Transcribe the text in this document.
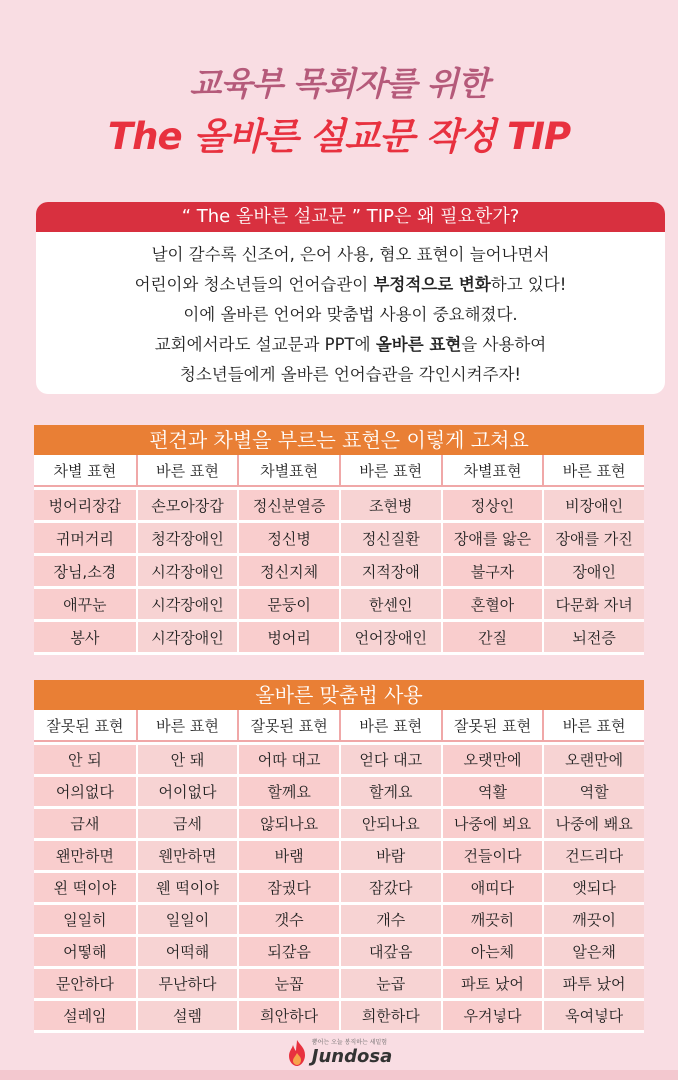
교육부 목회자를 위한
The 올바른 설교문 작성 TIP
“ The 올바른 설교문 ” TIP은 왜 필요한가?
날이 갈수록 신조어, 은어 사용, 혐오 표현이 늘어나면서
어린이와 청소년들의 언어습관이 부정적으로 변화하고 있다!
이에 올바른 언어와 맞춤법 사용이 중요해졌다.
교회에서라도 설교문과 PPT에 올바른 표현을 사용하여
청소년들에게 올바른 언어습관을 각인시켜주자!
편견과 차별을 부르는 표현은 이렇게 고쳐요
차별 표현	바른 표현	차별표현	바른 표현	차별표현	바른 표현
벙어리장갑	손모아장갑	정신분열증	조현병	정상인	비장애인
귀머거리	청각장애인	정신병	정신질환	장애를 앓은	장애를 가진
장님,소경	시각장애인	정신지체	지적장애	불구자	장애인
애꾸눈	시각장애인	문둥이	한센인	혼혈아	다문화 자녀
봉사	시각장애인	벙어리	언어장애인	간질	뇌전증
올바른 맞춤법 사용
잘못된 표현	바른 표현	잘못된 표현	바른 표현	잘못된 표현	바른 표현
안 되	안 돼	어따 대고	얻다 대고	오랫만에	오랜만에
어의없다	어이없다	할께요	할게요	역활	역할
금새	금세	않되나요	안되나요	나중에 뵈요	나중에 봬요
왠만하면	웬만하면	바램	바람	건들이다	건드리다
왼 떡이야	웬 떡이야	잠궜다	잠갔다	애띠다	앳되다
일일히	일일이	갯수	개수	깨끗히	깨끗이
어떻해	어떡해	되갚음	대갚음	아는체	알은채
문안하다	무난하다	눈꼽	눈곱	파토 났어	파투 났어
설레임	설렘	희안하다	희한하다	우겨넣다	욱여넣다
뿜어는 오늘 봉직하는 세밑험
Jundosa
